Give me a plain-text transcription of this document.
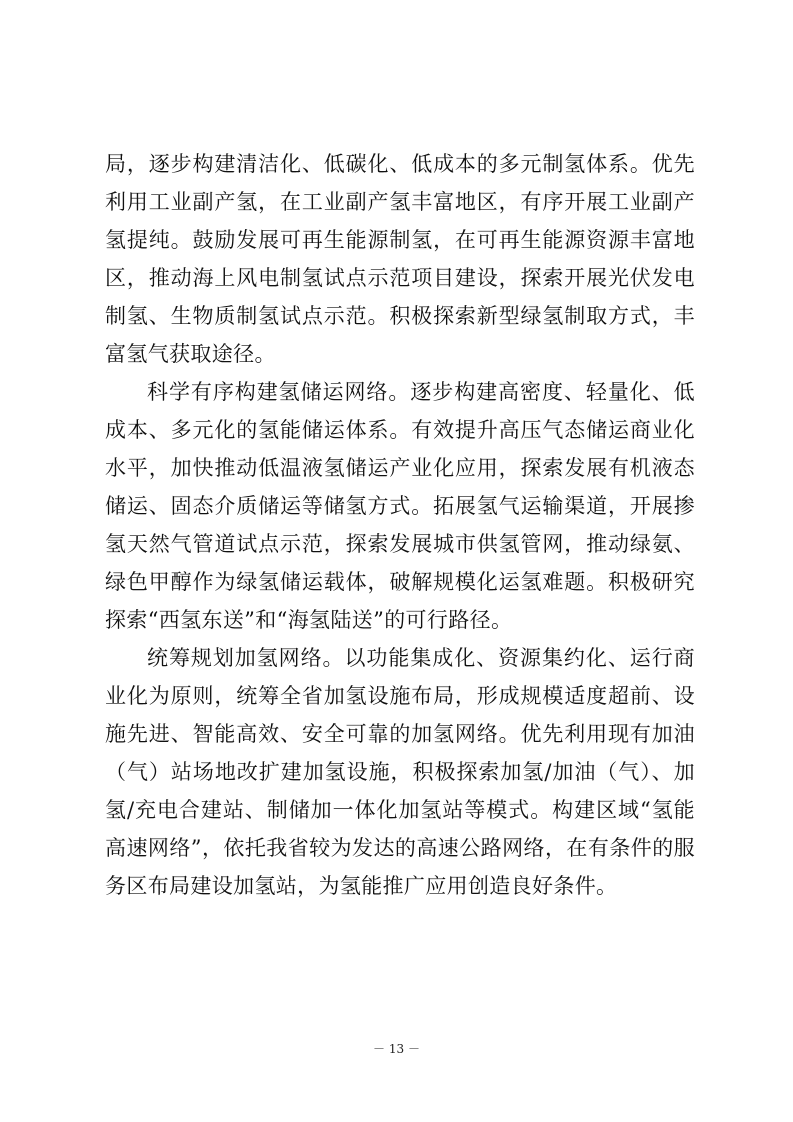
局，逐步构建清洁化、低碳化、低成本的多元制氢体系。优先利用工业副产氢，在工业副产氢丰富地区，有序开展工业副产氢提纯。鼓励发展可再生能源制氢，在可再生能源资源丰富地区，推动海上风电制氢试点示范项目建设，探索开展光伏发电制氢、生物质制氢试点示范。积极探索新型绿氢制取方式，丰富氢气获取途径。

科学有序构建氢储运网络。逐步构建高密度、轻量化、低成本、多元化的氢能储运体系。有效提升高压气态储运商业化水平，加快推动低温液氢储运产业化应用，探索发展有机液态储运、固态介质储运等储氢方式。拓展氢气运输渠道，开展掺氢天然气管道试点示范，探索发展城市供氢管网，推动绿氨、绿色甲醇作为绿氢储运载体，破解规模化运氢难题。积极研究探索“西氢东送”和“海氢陆送”的可行路径。

统筹规划加氢网络。以功能集成化、资源集约化、运行商业化为原则，统筹全省加氢设施布局，形成规模适度超前、设施先进、智能高效、安全可靠的加氢网络。优先利用现有加油（气）站场地改扩建加氢设施，积极探索加氢/加油（气）、加氢/充电合建站、制储加一体化加氢站等模式。构建区域“氢能高速网络”，依托我省较为发达的高速公路网络，在有条件的服务区布局建设加氢站，为氢能推广应用创造良好条件。

－ 13 －
